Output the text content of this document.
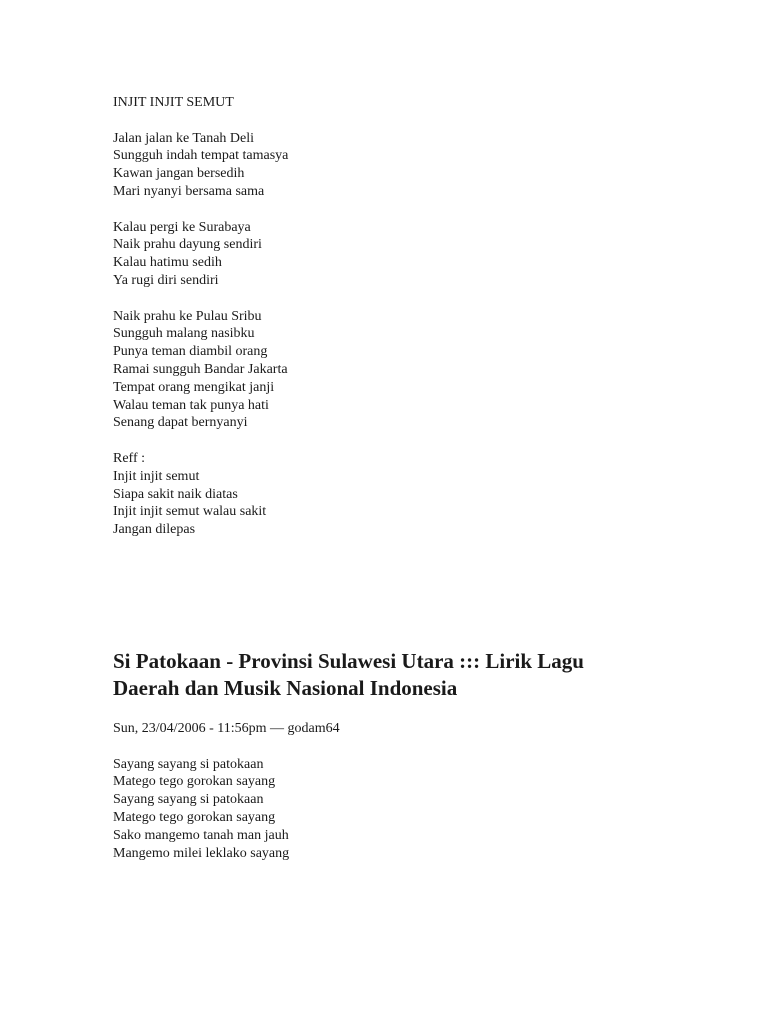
INJIT INJIT SEMUT

Jalan jalan ke Tanah Deli

Sungguh indah tempat tamasya

Kawan jangan bersedih

Mari nyanyi bersama sama

Kalau pergi ke Surabaya

Naik prahu dayung sendiri

Kalau hatimu sedih

Ya rugi diri sendiri

Naik prahu ke Pulau Sribu

Sungguh malang nasibku

Punya teman diambil orang

Ramai sungguh Bandar Jakarta

Tempat orang mengikat janji

Walau teman tak punya hati

Senang dapat bernyanyi

Reff :

Injit injit semut

Siapa sakit naik diatas

Injit injit semut walau sakit

Jangan dilepas

Si Patokaan - Provinsi Sulawesi Utara ::: Lirik Lagu
Daerah dan Musik Nasional Indonesia

Sun, 23/04/2006 - 11:56pm — godam64

Sayang sayang si patokaan

Matego tego gorokan sayang

Sayang sayang si patokaan

Matego tego gorokan sayang

Sako mangemo tanah man jauh

Mangemo milei leklako sayang
